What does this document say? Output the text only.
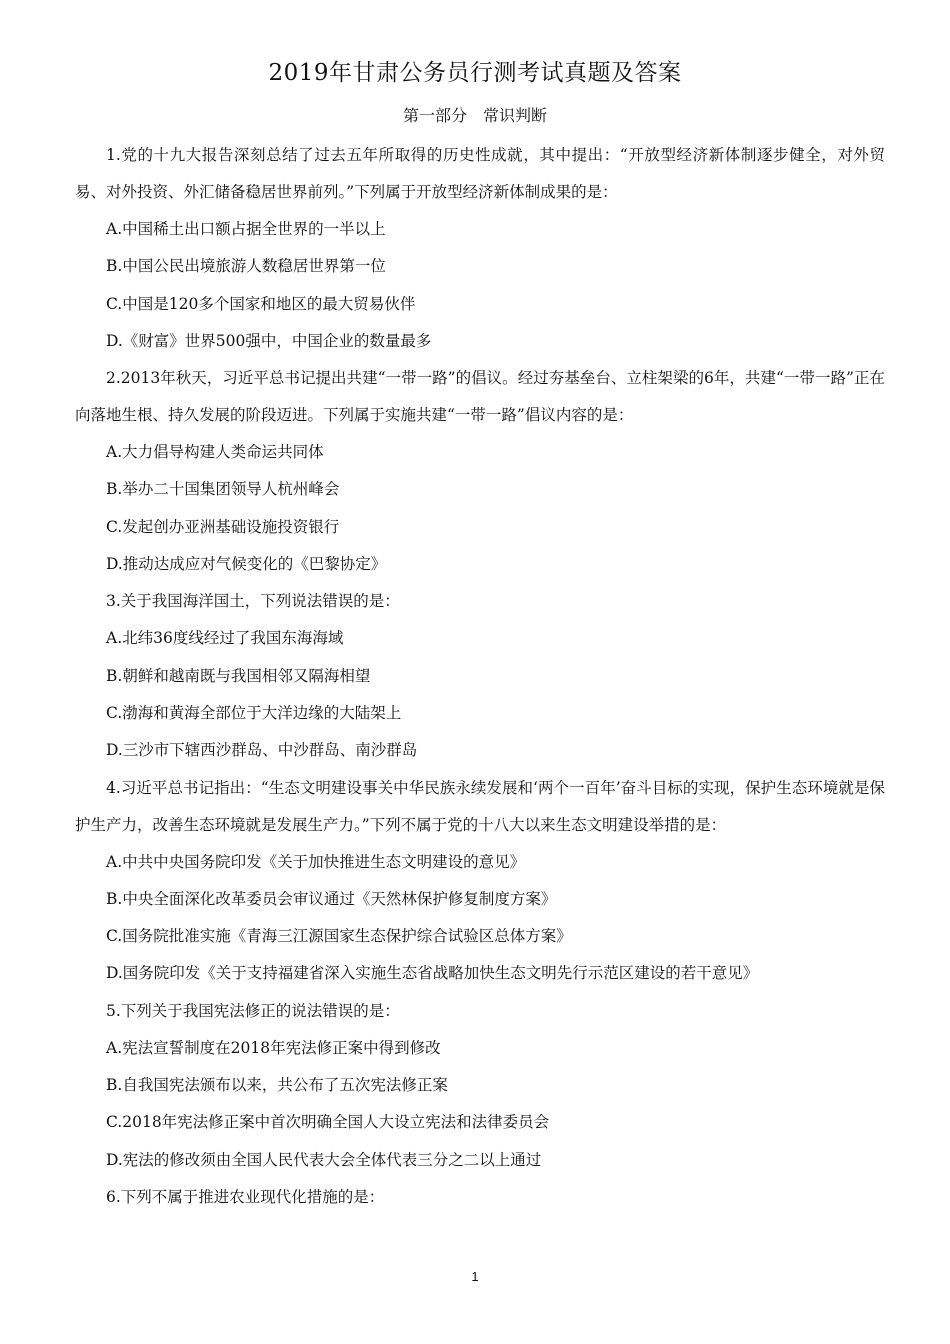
2019年甘肃公务员行测考试真题及答案
第一部分　常识判断

1.党的十九大报告深刻总结了过去五年所取得的历史性成就，其中提出：“开放型经济新体制逐步健全，对外贸易、对外投资、外汇储备稳居世界前列。”下列属于开放型经济新体制成果的是：

A.中国稀土出口额占据全世界的一半以上

B.中国公民出境旅游人数稳居世界第一位

C.中国是120多个国家和地区的最大贸易伙伴

D.《财富》世界500强中，中国企业的数量最多

2.2013年秋天，习近平总书记提出共建“一带一路”的倡议。经过夯基垒台、立柱架梁的6年，共建“一带一路”正在向落地生根、持久发展的阶段迈进。下列属于实施共建“一带一路”倡议内容的是：

A.大力倡导构建人类命运共同体

B.举办二十国集团领导人杭州峰会

C.发起创办亚洲基础设施投资银行

D.推动达成应对气候变化的《巴黎协定》

3.关于我国海洋国土，下列说法错误的是：

A.北纬36度线经过了我国东海海域

B.朝鲜和越南既与我国相邻又隔海相望

C.渤海和黄海全部位于大洋边缘的大陆架上

D.三沙市下辖西沙群岛、中沙群岛、南沙群岛

4.习近平总书记指出：“生态文明建设事关中华民族永续发展和‘两个一百年’奋斗目标的实现，保护生态环境就是保护生产力，改善生态环境就是发展生产力。”下列不属于党的十八大以来生态文明建设举措的是：

A.中共中央国务院印发《关于加快推进生态文明建设的意见》

B.中央全面深化改革委员会审议通过《天然林保护修复制度方案》

C.国务院批准实施《青海三江源国家生态保护综合试验区总体方案》

D.国务院印发《关于支持福建省深入实施生态省战略加快生态文明先行示范区建设的若干意见》

5.下列关于我国宪法修正的说法错误的是：

A.宪法宣誓制度在2018年宪法修正案中得到修改

B.自我国宪法颁布以来，共公布了五次宪法修正案

C.2018年宪法修正案中首次明确全国人大设立宪法和法律委员会

D.宪法的修改须由全国人民代表大会全体代表三分之二以上通过

6.下列不属于推进农业现代化措施的是：

1
